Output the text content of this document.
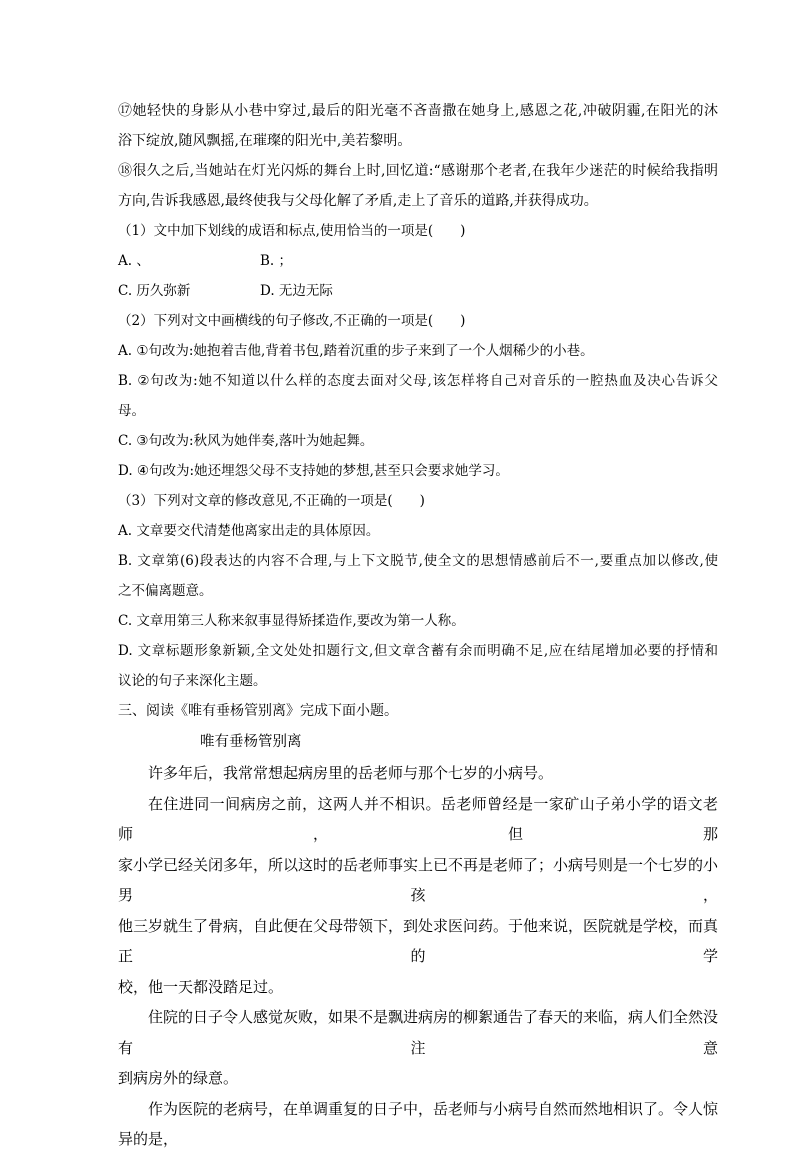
⑰她轻快的身影从小巷中穿过,最后的阳光毫不吝啬撒在她身上,感恩之花,冲破阴霾,在阳光的沐

浴下绽放,随风飘摇,在璀璨的阳光中,美若黎明。

⑱很久之后,当她站在灯光闪烁的舞台上时,回忆道:“感谢那个老者,在我年少迷茫的时候给我指明

方向,告诉我感恩,最终使我与父母化解了矛盾,走上了音乐的道路,并获得成功。

（1）文中加下划线的成语和标点,使用恰当的一项是(　　)

A. 、	B. ；
C. 历久弥新	D. 无边无际

（2）下列对文中画横线的句子修改,不正确的一项是(　　)

A. ①句改为:她抱着吉他,背着书包,踏着沉重的步子来到了一个人烟稀少的小巷。

B. ②句改为:她不知道以什么样的态度去面对父母,该怎样将自己对音乐的一腔热血及决心告诉父

母。

C. ③句改为:秋风为她伴奏,落叶为她起舞。

D. ④句改为:她还埋怨父母不支持她的梦想,甚至只会要求她学习。

（3）下列对文章的修改意见,不正确的一项是(　　)

A. 文章要交代清楚他离家出走的具体原因。

B. 文章第(6)段表达的内容不合理,与上下文脱节,使全文的思想情感前后不一,要重点加以修改,使

之不偏离题意。

C. 文章用第三人称来叙事显得矫揉造作,要改为第一人称。

D. 文章标题形象新颖,全文处处扣题行文,但文章含蓄有余而明确不足,应在结尾增加必要的抒情和

议论的句子来深化主题。

三、阅读《唯有垂杨管别离》完成下面小题。

唯有垂杨管别离

许多年后，我常常想起病房里的岳老师与那个七岁的小病号。

在住进同一间病房之前，这两人并不相识。岳老师曾经是一家矿山子弟小学的语文老师，但那

家小学已经关闭多年，所以这时的岳老师事实上已不再是老师了；小病号则是一个七岁的小男孩，

他三岁就生了骨病，自此便在父母带领下，到处求医问药。于他来说，医院就是学校，而真正的学

校，他一天都没踏足过。

住院的日子令人感觉灰败，如果不是飘进病房的柳絮通告了春天的来临，病人们全然没有注意

到病房外的绿意。

作为医院的老病号，在单调重复的日子中，岳老师与小病号自然而然地相识了。令人惊异的是，
